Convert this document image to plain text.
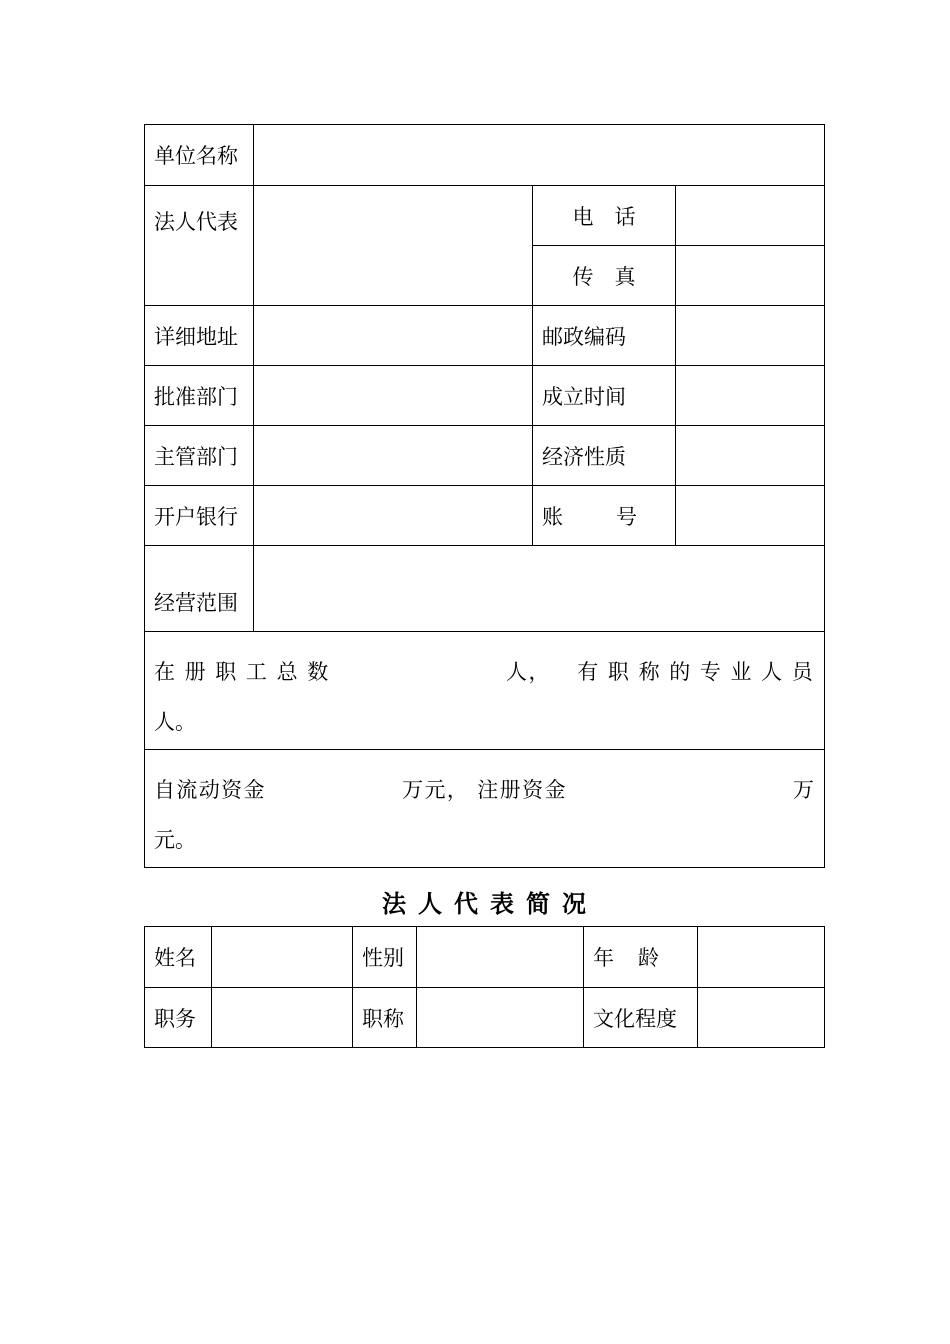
单位名称			
法人代表		电　话	
		传　真	
详细地址		邮政编码	
批准部门		成立时间	
主管部门		经济性质	
开户银行		账　号	
经营范围			

在 册 职 工 总 数 人， 有 职 称 的 专 业 人 员
人。			

自流动资金 万元， 注册资金 万
元。			
法人代表简况
姓名		性别		年　龄	
职务		职称		文化程度	
